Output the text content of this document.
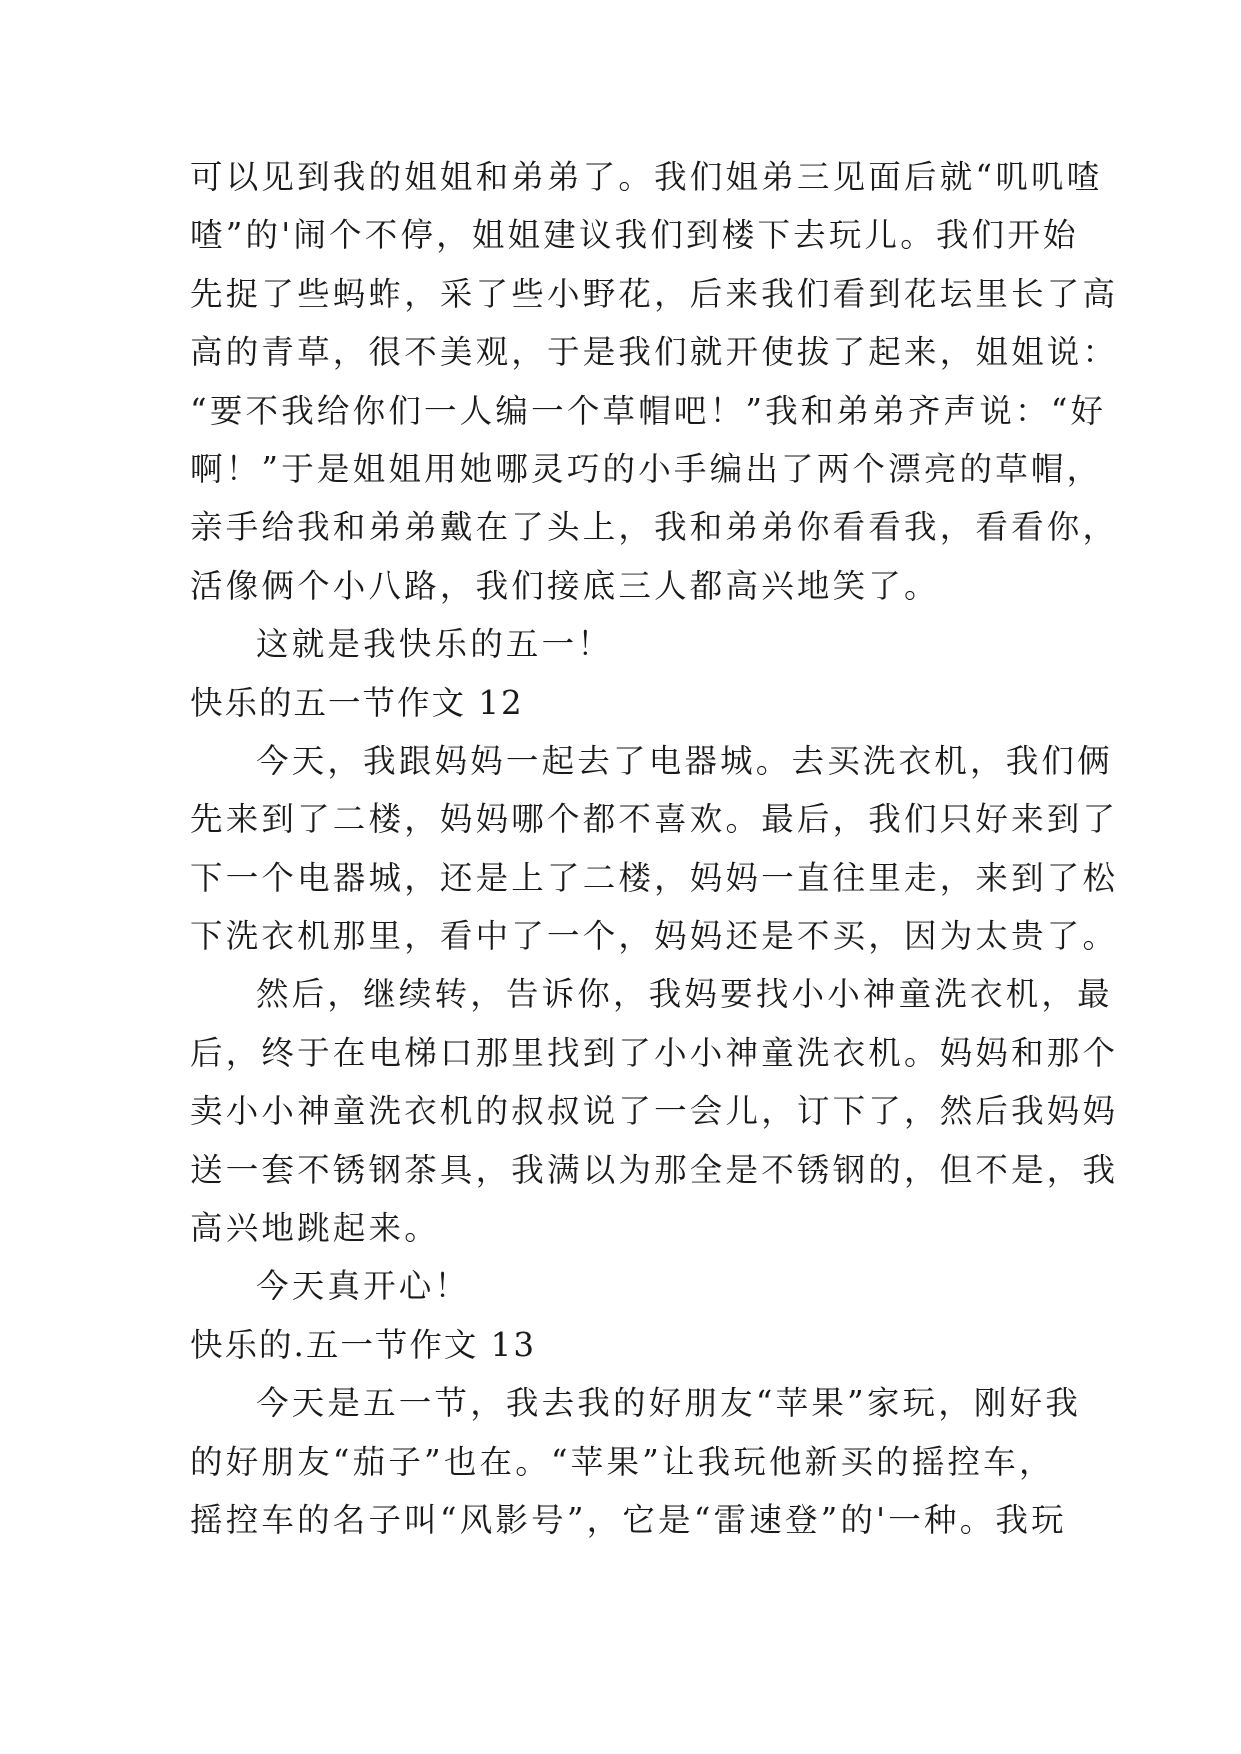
可以见到我的姐姐和弟弟了。我们姐弟三见面后就“叽叽喳
喳”的'闹个不停，姐姐建议我们到楼下去玩儿。我们开始
先捉了些蚂蚱，采了些小野花，后来我们看到花坛里长了高
高的青草，很不美观，于是我们就开使拔了起来，姐姐说：
“要不我给你们一人编一个草帽吧！”我和弟弟齐声说：“好
啊！”于是姐姐用她哪灵巧的小手编出了两个漂亮的草帽，
亲手给我和弟弟戴在了头上，我和弟弟你看看我，看看你，
活像俩个小八路，我们接底三人都高兴地笑了。
这就是我快乐的五一！
快乐的五一节作文 12
今天，我跟妈妈一起去了电器城。去买洗衣机，我们俩
先来到了二楼，妈妈哪个都不喜欢。最后，我们只好来到了
下一个电器城，还是上了二楼，妈妈一直往里走，来到了松
下洗衣机那里，看中了一个，妈妈还是不买，因为太贵了。
然后，继续转，告诉你，我妈要找小小神童洗衣机，最
后，终于在电梯口那里找到了小小神童洗衣机。妈妈和那个
卖小小神童洗衣机的叔叔说了一会儿，订下了，然后我妈妈
送一套不锈钢茶具，我满以为那全是不锈钢的，但不是，我
高兴地跳起来。
今天真开心！
快乐的.五一节作文 13
今天是五一节，我去我的好朋友“苹果”家玩，刚好我
的好朋友“茄子”也在。“苹果”让我玩他新买的摇控车，
摇控车的名子叫“风影号”，它是“雷速登”的'一种。我玩
